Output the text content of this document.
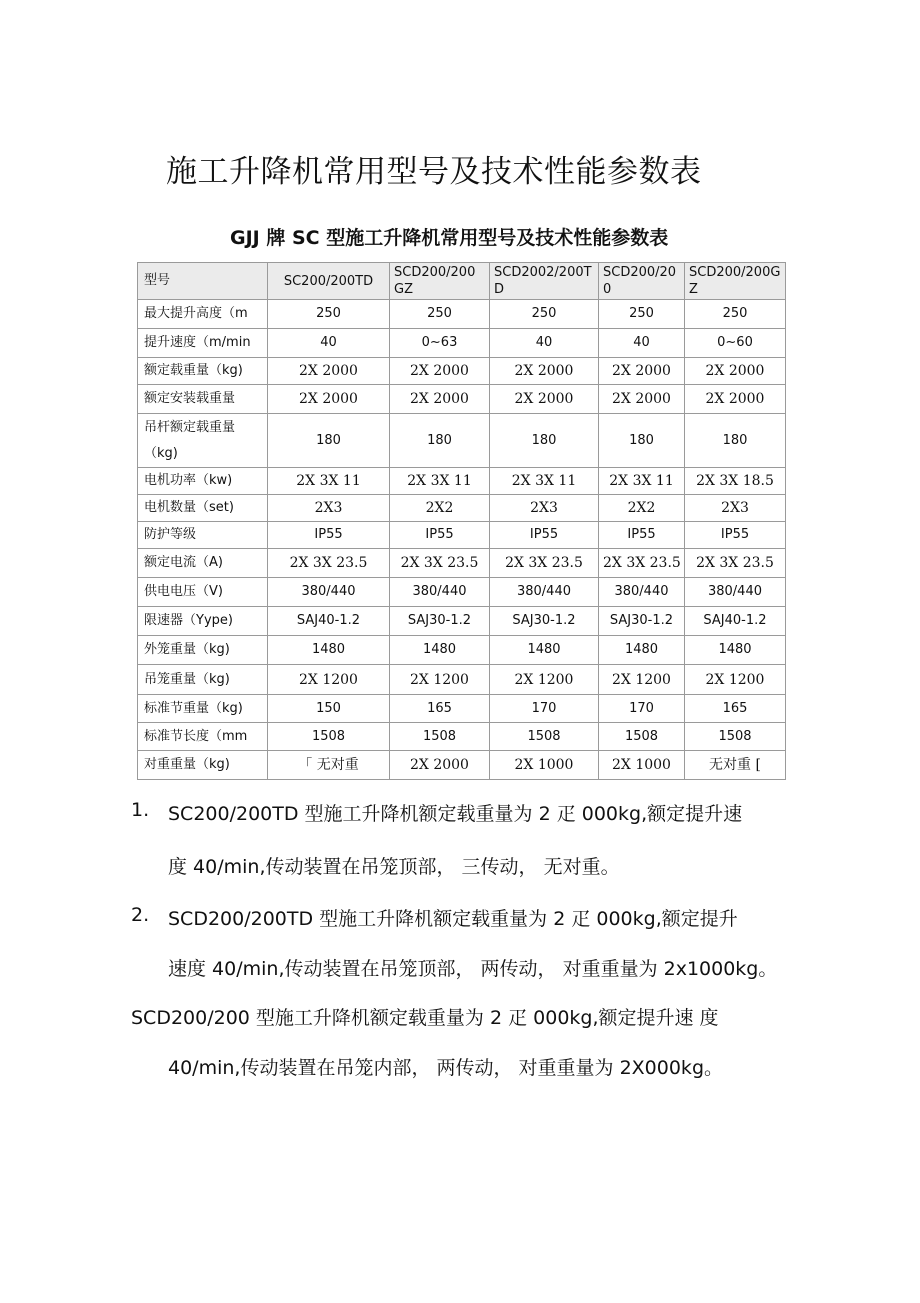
施工升降机常用型号及技术性能参数表
GJJ 牌 SC 型施工升降机常用型号及技术性能参数表
型号	SC200/200TD	SCD200/200GZ	SCD2002/200TD	SCD200/200	SCD200/200GZ
最大提升高度（m	250	250	250	250	250
提升速度（m/min	40	0~63	40	40	0~60
额定载重量（kg)	2X 2000	2X 2000	2X 2000	2X 2000	2X 2000
额定安装载重量	2X 2000	2X 2000	2X 2000	2X 2000	2X 2000
吊杆额定载重量（kg)	180	180	180	180	180
电机功率（kw)	2X 3X 11	2X 3X 11	2X 3X 11	2X 3X 11	2X 3X 18.5
电机数量（set)	2X3	2X2	2X3	2X2	2X3
防护等级	IP55	IP55	IP55	IP55	IP55
额定电流（A)	2X 3X 23.5	2X 3X 23.5	2X 3X 23.5	2X 3X 23.5	2X 3X 23.5
供电电压（V)	380/440	380/440	380/440	380/440	380/440
限速器（Yype)	SAJ40-1.2	SAJ30-1.2	SAJ30-1.2	SAJ30-1.2	SAJ40-1.2
外笼重量（kg)	1480	1480	1480	1480	1480
吊笼重量（kg)	2X 1200	2X 1200	2X 1200	2X 1200	2X 1200
标准节重量（kg)	150	165	170	170	165
标准节长度（mm	1508	1508	1508	1508	1508
对重重量（kg)	「 无对重	2X 2000	2X 1000	2X 1000	无对重 [
1. SC200/200TD 型施工升降机额定载重量为 2 疋 000kg,额定提升速

度 40/min,传动装置在吊笼顶部， 三传动， 无对重。

2. SCD200/200TD 型施工升降机额定载重量为 2 疋 000kg,额定提升

速度 40/min,传动装置在吊笼顶部， 两传动， 对重重量为 2x1000kg。

SCD200/200 型施工升降机额定载重量为 2 疋 000kg,额定提升速 度

40/min,传动装置在吊笼内部， 两传动， 对重重量为 2X000kg。
